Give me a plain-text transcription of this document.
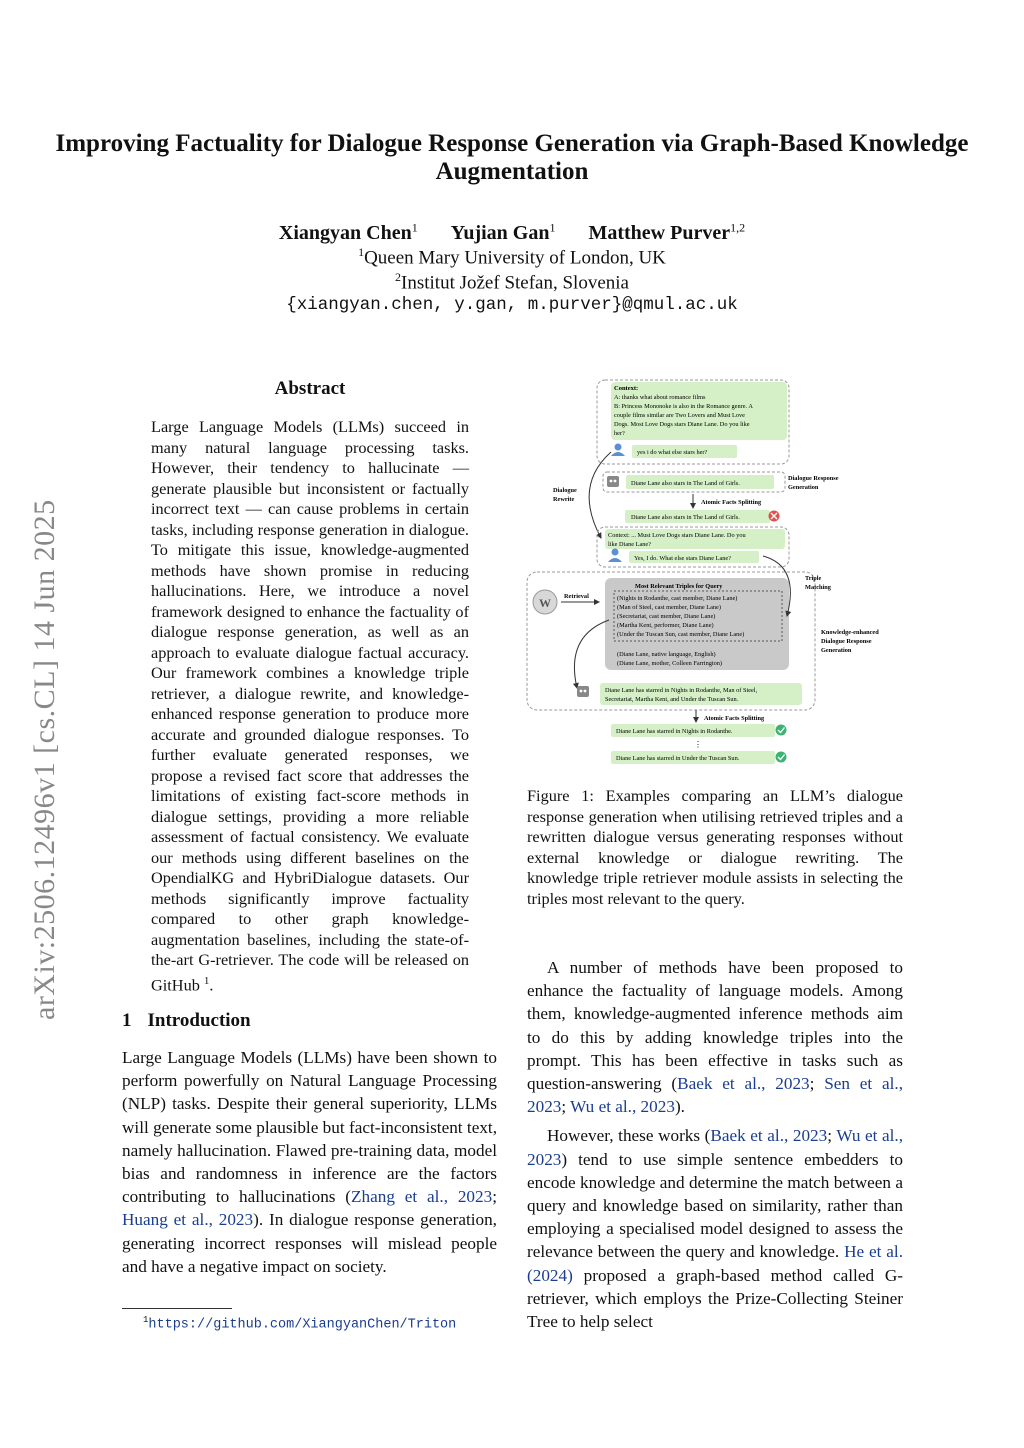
Improving Factuality for Dialogue Response Generation via Graph-Based Knowledge Augmentation
Xiangyan Chen$^1$ Yujian Gan$^1$ Matthew Purver$^{1,2}$
$^1$Queen Mary University of London, UK
$^2$Institut Jožef Stefan, Slovenia
{xiangyan.chen, y.gan, m.purver}@qmul.ac.uk
arXiv:2506.12496v1 [cs.CL] 14 Jun 2025
Abstract
Large Language Models (LLMs) succeed in many natural language processing tasks. However, their tendency to hallucinate — generate plausible but inconsistent or factually incorrect text — can cause problems in certain tasks, including response generation in dialogue. To mitigate this issue, knowledge-augmented methods have shown promise in reducing hallucinations. Here, we introduce a novel framework designed to enhance the factuality of dialogue response generation, as well as an approach to evaluate dialogue factual accuracy. Our framework combines a knowledge triple retriever, a dialogue rewrite, and knowledge-enhanced response generation to produce more accurate and grounded dialogue responses. To further evaluate generated responses, we propose a revised fact score that addresses the limitations of existing fact-score methods in dialogue settings, providing a more reliable assessment of factual consistency. We evaluate our methods using different baselines on the OpendialKG and HybriDialogue datasets. Our methods significantly improve factuality compared to other graph knowledge-augmentation baselines, including the state-of-the-art G-retriever. The code will be released on GitHub $^1$.
1 Introduction

Large Language Models (LLMs) have been shown to perform powerfully on Natural Language Processing (NLP) tasks. Despite their general superiority, LLMs will generate some plausible but fact-inconsistent text, namely hallucination. Flawed pre-training data, model bias and randomness in inference are the factors contributing to hallucinations (Zhang et al., 2023; Huang et al., 2023). In dialogue response generation, generating incorrect responses will mislead people and have a negative impact on society.

$^1$https://github.com/XiangyanChen/Triton
Context:
A: thanks what about romance films
B: Princess Mononoke is also in the Romance genre. A
couple films similar are Two Lovers and Must Love
Dogs. Most Love Dogs stars Diane Lane. Do you like
her?
yes i do what else stars her?
Diane Lane also stars in The Land of Girls.
Dialogue Response
Generation
Atomic Facts Splitting
Diane Lane also stars in The Land of Girls.
Dialogue
Rewrite
Context: ... Must Love Dogs stars Diane Lane. Do you
like Diane Lane?
Yes, I do. What else stars Diane Lane?
W Retrieval
Most Relevant Triples for Query
(Nights in Rodanthe, cast member, Diane Lane)
(Man of Steel, cast member, Diane Lane)
(Secretariat, cast member, Diane Lane)
(Martha Kent, performer, Diane Lane)
(Under the Tuscan Sun, cast member, Diane Lane)
(Diane Lane, native language, English)
(Diane Lane, mother, Colleen Farrington)
Triple
Matching
Knowledge-enhanced
Dialogue Response
Generation
Diane Lane has starred in Nights in Rodanthe, Man of Steel,
Secretariat, Martha Kent, and Under the Tuscan Sun.
Atomic Facts Splitting
Diane Lane has starred in Nights in Rodanthe.
⋮
Diane Lane has starred in Under the Tuscan Sun.
Figure 1: Examples comparing an LLM’s dialogue response generation when utilising retrieved triples and a rewritten dialogue versus generating responses without external knowledge or dialogue rewriting. The knowledge triple retriever module assists in selecting the triples most relevant to the query.

A number of methods have been proposed to enhance the factuality of language models. Among them, knowledge-augmented inference methods aim to do this by adding knowledge triples into the prompt. This has been effective in tasks such as question-answering (Baek et al., 2023; Sen et al., 2023; Wu et al., 2023).

However, these works (Baek et al., 2023; Wu et al., 2023) tend to use simple sentence embedders to encode knowledge and determine the match between a query and knowledge based on similarity, rather than employing a specialised model designed to assess the relevance between the query and knowledge. He et al. (2024) proposed a graph-based method called G-retriever, which employs the Prize-Collecting Steiner Tree to help select
